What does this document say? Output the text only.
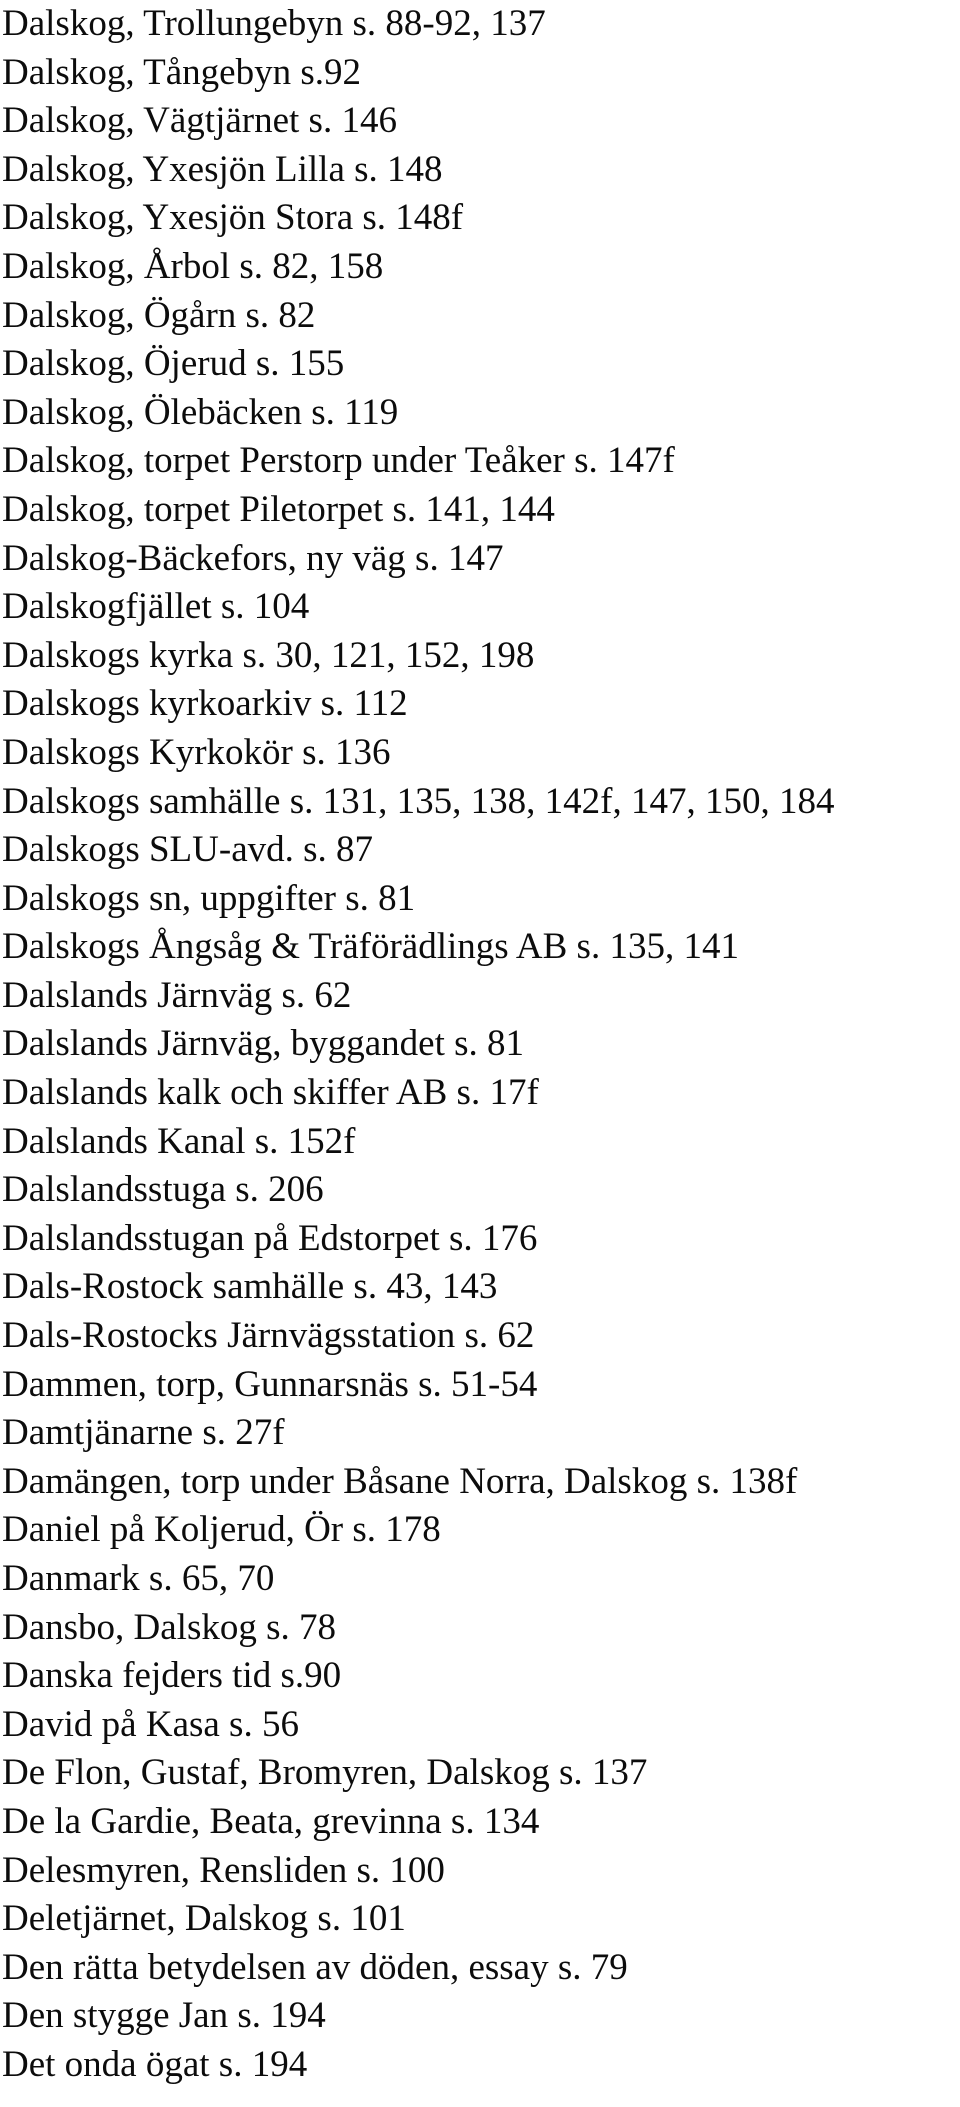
Dalskog, Trollungebyn s. 88-92, 137
Dalskog, Tångebyn s.92
Dalskog, Vägtjärnet s. 146
Dalskog, Yxesjön Lilla s. 148
Dalskog, Yxesjön Stora s. 148f
Dalskog, Årbol s. 82, 158
Dalskog, Ögårn s. 82
Dalskog, Öjerud s. 155
Dalskog, Ölebäcken s. 119
Dalskog, torpet Perstorp under Teåker s. 147f
Dalskog, torpet Piletorpet s. 141, 144
Dalskog-Bäckefors, ny väg s. 147
Dalskogfjället s. 104
Dalskogs kyrka s. 30, 121, 152, 198
Dalskogs kyrkoarkiv s. 112
Dalskogs Kyrkokör s. 136
Dalskogs samhälle s. 131, 135, 138, 142f, 147, 150, 184
Dalskogs SLU-avd. s. 87
Dalskogs sn, uppgifter s. 81
Dalskogs Ångsåg & Träförädlings AB s. 135, 141
Dalslands Järnväg s. 62
Dalslands Järnväg, byggandet s. 81
Dalslands kalk och skiffer AB s. 17f
Dalslands Kanal s. 152f
Dalslandsstuga s. 206
Dalslandsstugan på Edstorpet s. 176
Dals-Rostock samhälle s. 43, 143
Dals-Rostocks Järnvägsstation s. 62
Dammen, torp, Gunnarsnäs s. 51-54
Damtjänarne s. 27f
Damängen, torp under Båsane Norra, Dalskog s. 138f
Daniel på Koljerud, Ör s. 178
Danmark s. 65, 70
Dansbo, Dalskog s. 78
Danska fejders tid s.90
David på Kasa s. 56
De Flon, Gustaf, Bromyren, Dalskog s. 137
De la Gardie, Beata, grevinna s. 134
Delesmyren, Rensliden s. 100
Deletjärnet, Dalskog s. 101
Den rätta betydelsen av döden, essay s. 79
Den stygge Jan s. 194
Det onda ögat s. 194
